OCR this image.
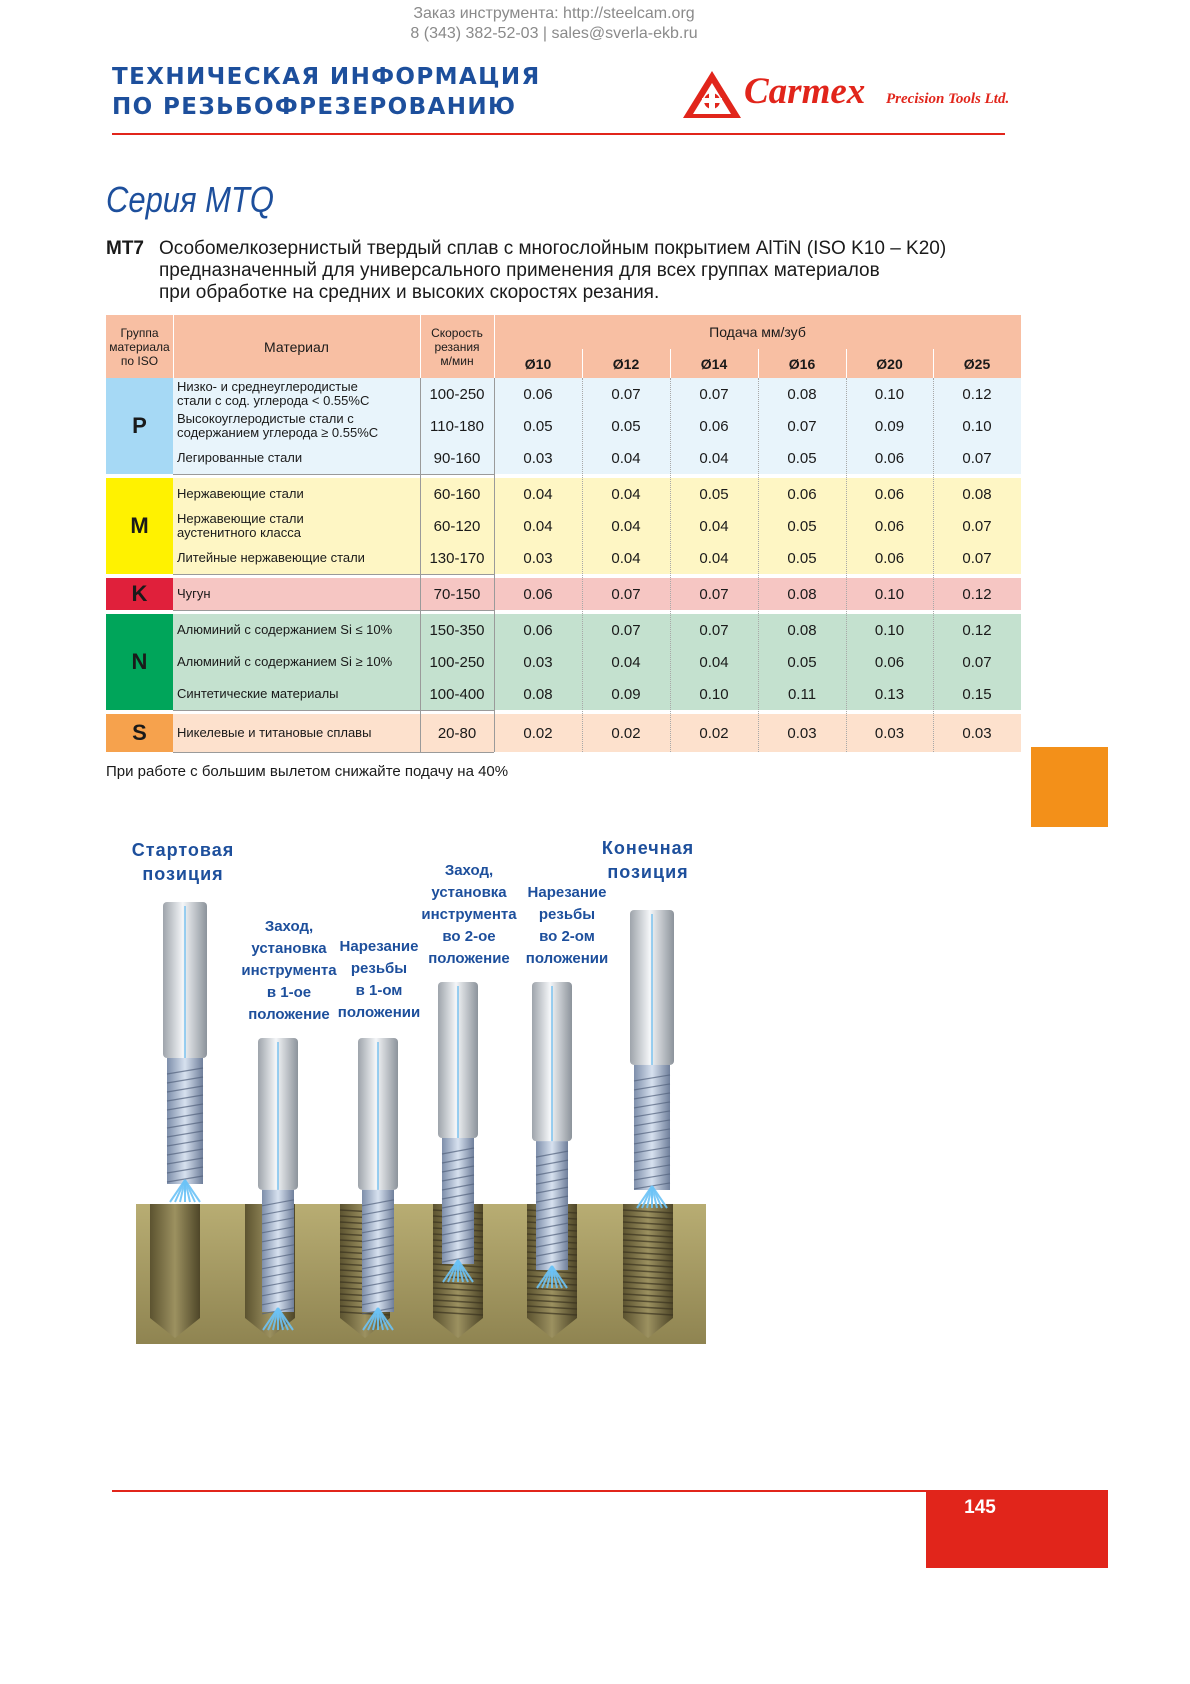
Заказ инструмента: http://steelcam.org
8 (343) 382-52-03 | sales@sverla-ekb.ru
ТЕХНИЧЕСКАЯ ИНФОРМАЦИЯ
ПО РЕЗЬБОФРЕЗЕРОВАНИЮ	Carmex Precision Tools Ltd.
Серия MTQ
MT7 Особомелкозернистый твердый сплав с многослойным покрытием AlTiN (ISO K10 – K20)
предназначенный для универсального применения для всех группах материалов
при обработке на средних и высоких скоростях резания.
Группа
материала
по ISO
Материал
Скорость
резания
м/мин
Подача мм/зуб
Ø10	Ø12	Ø14	Ø16	Ø20	Ø25
P
Низко- и среднеуглеродистые
стали с сод. углерода < 0.55%C	100-250	0.06	0.07	0.07	0.08	0.10	0.12
Высокоуглеродистые стали с
содержанием углерода ≥ 0.55%C	110-180	0.05	0.05	0.06	0.07	0.09	0.10
Легированные стали	90-160	0.03	0.04	0.04	0.05	0.06	0.07
M
Нержавеющие стали	60-160	0.04	0.04	0.05	0.06	0.06	0.08
Нержавеющие стали
аустенитного класса	60-120	0.04	0.04	0.04	0.05	0.06	0.07
Литейные нержавеющие стали	130-170	0.03	0.04	0.04	0.05	0.06	0.07
K	Чугун	70-150	0.06	0.07	0.07	0.08	0.10	0.12
N
Алюминий с содержанием Si ≤ 10%	150-350	0.06	0.07	0.07	0.08	0.10	0.12
Алюминий с содержанием Si ≥ 10%	100-250	0.03	0.04	0.04	0.05	0.06	0.07
Синтетические материалы	100-400	0.08	0.09	0.10	0.11	0.13	0.15
S	Никелевые и титановые сплавы	20-80	0.02	0.02	0.02	0.03	0.03	0.03
При работе с большим вылетом снижайте подачу на 40%
Стартовая
позиция
Заход,
установка
инструмента
в 1-ое
положение
Нарезание
резьбы
в 1-ом
положении
Заход,
установка
инструмента
во 2-ое
положение
Нарезание
резьбы
во 2-ом
положении
Конечная
позиция
145
